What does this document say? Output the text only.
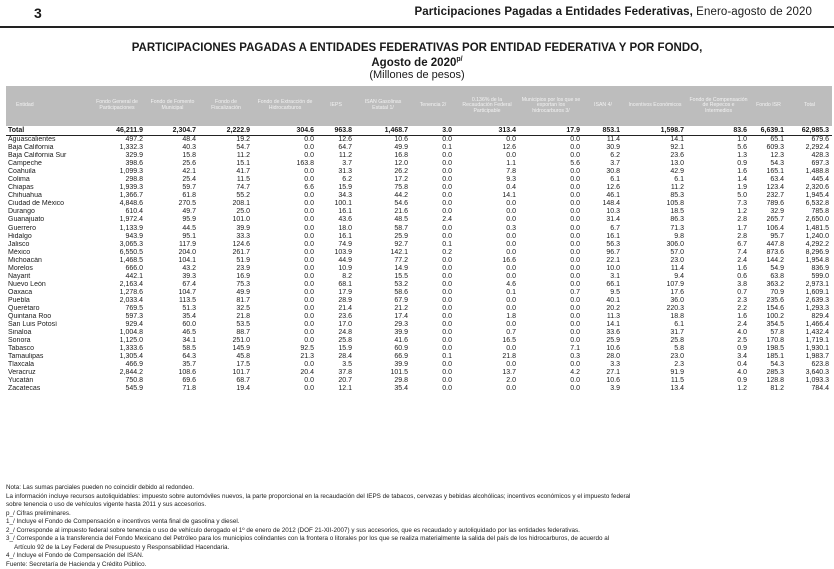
3	Participaciones Pagadas a Entidades Federativas, Enero-agosto de 2020
PARTICIPACIONES PAGADAS A ENTIDADES FEDERATIVAS POR ENTIDAD FEDERATIVA Y POR FONDO,
Agosto de $2020^{p/}$
(Millones de pesos)
Entidad	Fondo General de Participaciones	Fondo de Fomento Municipal	Fondo de Fiscalización	Fondo de Extracción de Hidrocarburos	IEPS	ISAN Gasolinas Estatal 1/	Tenencia 2/	0.136% de la Recaudación Federal Participable	Municipios por los que se exportan los hidrocarburos 3/	ISAN 4/	Incentivos Económicos	Fondo de Compensación de Repecos e Intermedios	Fondo ISR	Total
Total	46,211.9	2,304.7	2,222.9	304.6	963.8	1,468.7	3.0	313.4	17.9	853.1	1,598.7	83.6	6,639.1	62,985.3
Aguascalientes	497.2	48.4	19.2	0.0	12.6	10.6	0.0	0.0	0.0	11.4	14.1	1.0	65.1	679.6
Baja California	1,332.3	40.3	54.7	0.0	64.7	49.9	0.1	12.6	0.0	30.9	92.1	5.6	609.3	2,292.4
Baja California Sur	329.9	15.8	11.2	0.0	11.2	16.8	0.0	0.0	0.0	6.2	23.6	1.3	12.3	428.3
Campeche	398.6	25.6	15.1	163.8	3.7	12.0	0.0	1.1	5.6	3.7	13.0	0.9	54.3	697.3
Coahuila	1,099.3	42.1	41.7	0.0	31.3	26.2	0.0	7.8	0.0	30.8	42.9	1.6	165.1	1,488.8
Colima	298.8	25.4	11.5	0.0	6.2	17.2	0.0	9.3	0.0	6.1	6.1	1.4	63.4	445.4
Chiapas	1,939.3	59.7	74.7	6.6	15.9	75.8	0.0	0.4	0.0	12.6	11.2	1.9	123.4	2,320.6
Chihuahua	1,366.7	61.8	55.2	0.0	34.3	44.2	0.0	14.1	0.0	46.1	85.3	5.0	232.7	1,945.4
Ciudad de México	4,848.6	270.5	208.1	0.0	100.1	54.6	0.0	0.0	0.0	148.4	105.8	7.3	789.6	6,532.8
Durango	610.4	49.7	25.0	0.0	16.1	21.6	0.0	0.0	0.0	10.3	18.5	1.2	32.9	785.8
Guanajuato	1,972.4	95.9	101.0	0.0	43.6	48.5	2.4	0.0	0.0	31.4	86.3	2.8	265.7	2,650.0
Guerrero	1,133.9	44.5	39.9	0.0	18.0	58.7	0.0	0.3	0.0	6.7	71.3	1.7	106.4	1,481.5
Hidalgo	943.9	95.1	33.3	0.0	16.1	25.9	0.0	0.0	0.0	16.1	9.8	2.8	95.7	1,240.0
Jalisco	3,065.3	117.9	124.6	0.0	74.9	92.7	0.1	0.0	0.0	56.3	306.0	6.7	447.8	4,292.2
México	6,550.5	204.0	261.7	0.0	103.9	142.1	0.2	0.0	0.0	96.7	57.0	7.4	873.6	8,296.9
Michoacán	1,468.5	104.1	51.9	0.0	44.9	77.2	0.0	16.6	0.0	22.1	23.0	2.4	144.2	1,954.8
Morelos	666.0	43.2	23.9	0.0	10.9	14.9	0.0	0.0	0.0	10.0	11.4	1.6	54.9	836.9
Nayarit	442.1	39.3	16.9	0.0	8.2	15.5	0.0	0.0	0.0	3.1	9.4	0.6	63.8	599.0
Nuevo León	2,163.4	67.4	75.3	0.0	68.1	53.2	0.0	4.6	0.0	66.1	107.9	3.8	363.2	2,973.1
Oaxaca	1,278.6	104.7	49.9	0.0	17.9	58.6	0.0	0.1	0.7	9.5	17.6	0.7	70.9	1,609.1
Puebla	2,033.4	113.5	81.7	0.0	28.9	67.9	0.0	0.0	0.0	40.1	36.0	2.3	235.6	2,639.3
Querétaro	769.5	51.3	32.5	0.0	21.4	21.2	0.0	0.0	0.0	20.2	220.3	2.2	154.6	1,293.3
Quintana Roo	597.3	35.4	21.8	0.0	23.6	17.4	0.0	1.8	0.0	11.3	18.8	1.6	100.2	829.4
San Luis Potosí	929.4	60.0	53.5	0.0	17.0	29.3	0.0	0.0	0.0	14.1	6.1	2.4	354.5	1,466.4
Sinaloa	1,004.8	46.5	88.7	0.0	24.8	39.9	0.0	0.7	0.0	33.6	31.7	4.0	57.8	1,432.4
Sonora	1,125.0	34.1	251.0	0.0	25.8	41.6	0.0	16.5	0.0	25.9	25.8	2.5	170.8	1,719.1
Tabasco	1,333.6	58.5	145.9	92.5	15.9	60.9	0.0	0.0	7.1	10.6	5.8	0.9	198.5	1,930.1
Tamaulipas	1,305.4	64.3	45.8	21.3	28.4	66.9	0.1	21.8	0.3	28.0	23.0	3.4	185.1	1,983.7
Tlaxcala	466.9	35.7	17.5	0.0	3.5	39.9	0.0	0.0	0.0	3.3	2.3	0.4	54.3	623.8
Veracruz	2,844.2	108.6	101.7	20.4	37.8	101.5	0.0	13.7	4.2	27.1	91.9	4.0	285.3	3,640.3
Yucatán	750.8	69.6	68.7	0.0	20.7	29.8	0.0	2.0	0.0	10.6	11.5	0.9	128.8	1,093.3
Zacatecas	545.9	71.8	19.4	0.0	12.1	35.4	0.0	0.0	0.0	3.9	13.4	1.2	81.2	784.4
Nota: Las sumas parciales pueden no coincidir debido al redondeo.
La información incluye recursos autoliquidables: impuesto sobre automóviles nuevos, la parte proporcional en la recaudación del IEPS de tabacos, cervezas y bebidas alcohólicas; incentivos económicos y el impuesto federal
sobre tenencia o uso de vehículos vigente hasta 2011 y sus accesorios.
p_/ Cifras preliminares.
1_/ Incluye el Fondo de Compensación e incentivos venta final de gasolina y diesel.
2_/ Corresponde al impuesto federal sobre tenencia o uso de vehículo derogado el 1º de enero de 2012 (DOF 21-XII-2007) y sus accesorios, que es recaudado y autoliquidado por las entidades federativas.
3_/ Corresponde a la transferencia del Fondo Mexicano del Petróleo para los municipios colindantes con la frontera o litorales por los que se realiza materialmente la salida del país de los hidrocarburos, de acuerdo al
Artículo 92 de la Ley Federal de Presupuesto y Responsabilidad Hacendaria.
4_/ Incluye el Fondo de Compensación del ISAN.
Fuente: Secretaría de Hacienda y Crédito Público.
